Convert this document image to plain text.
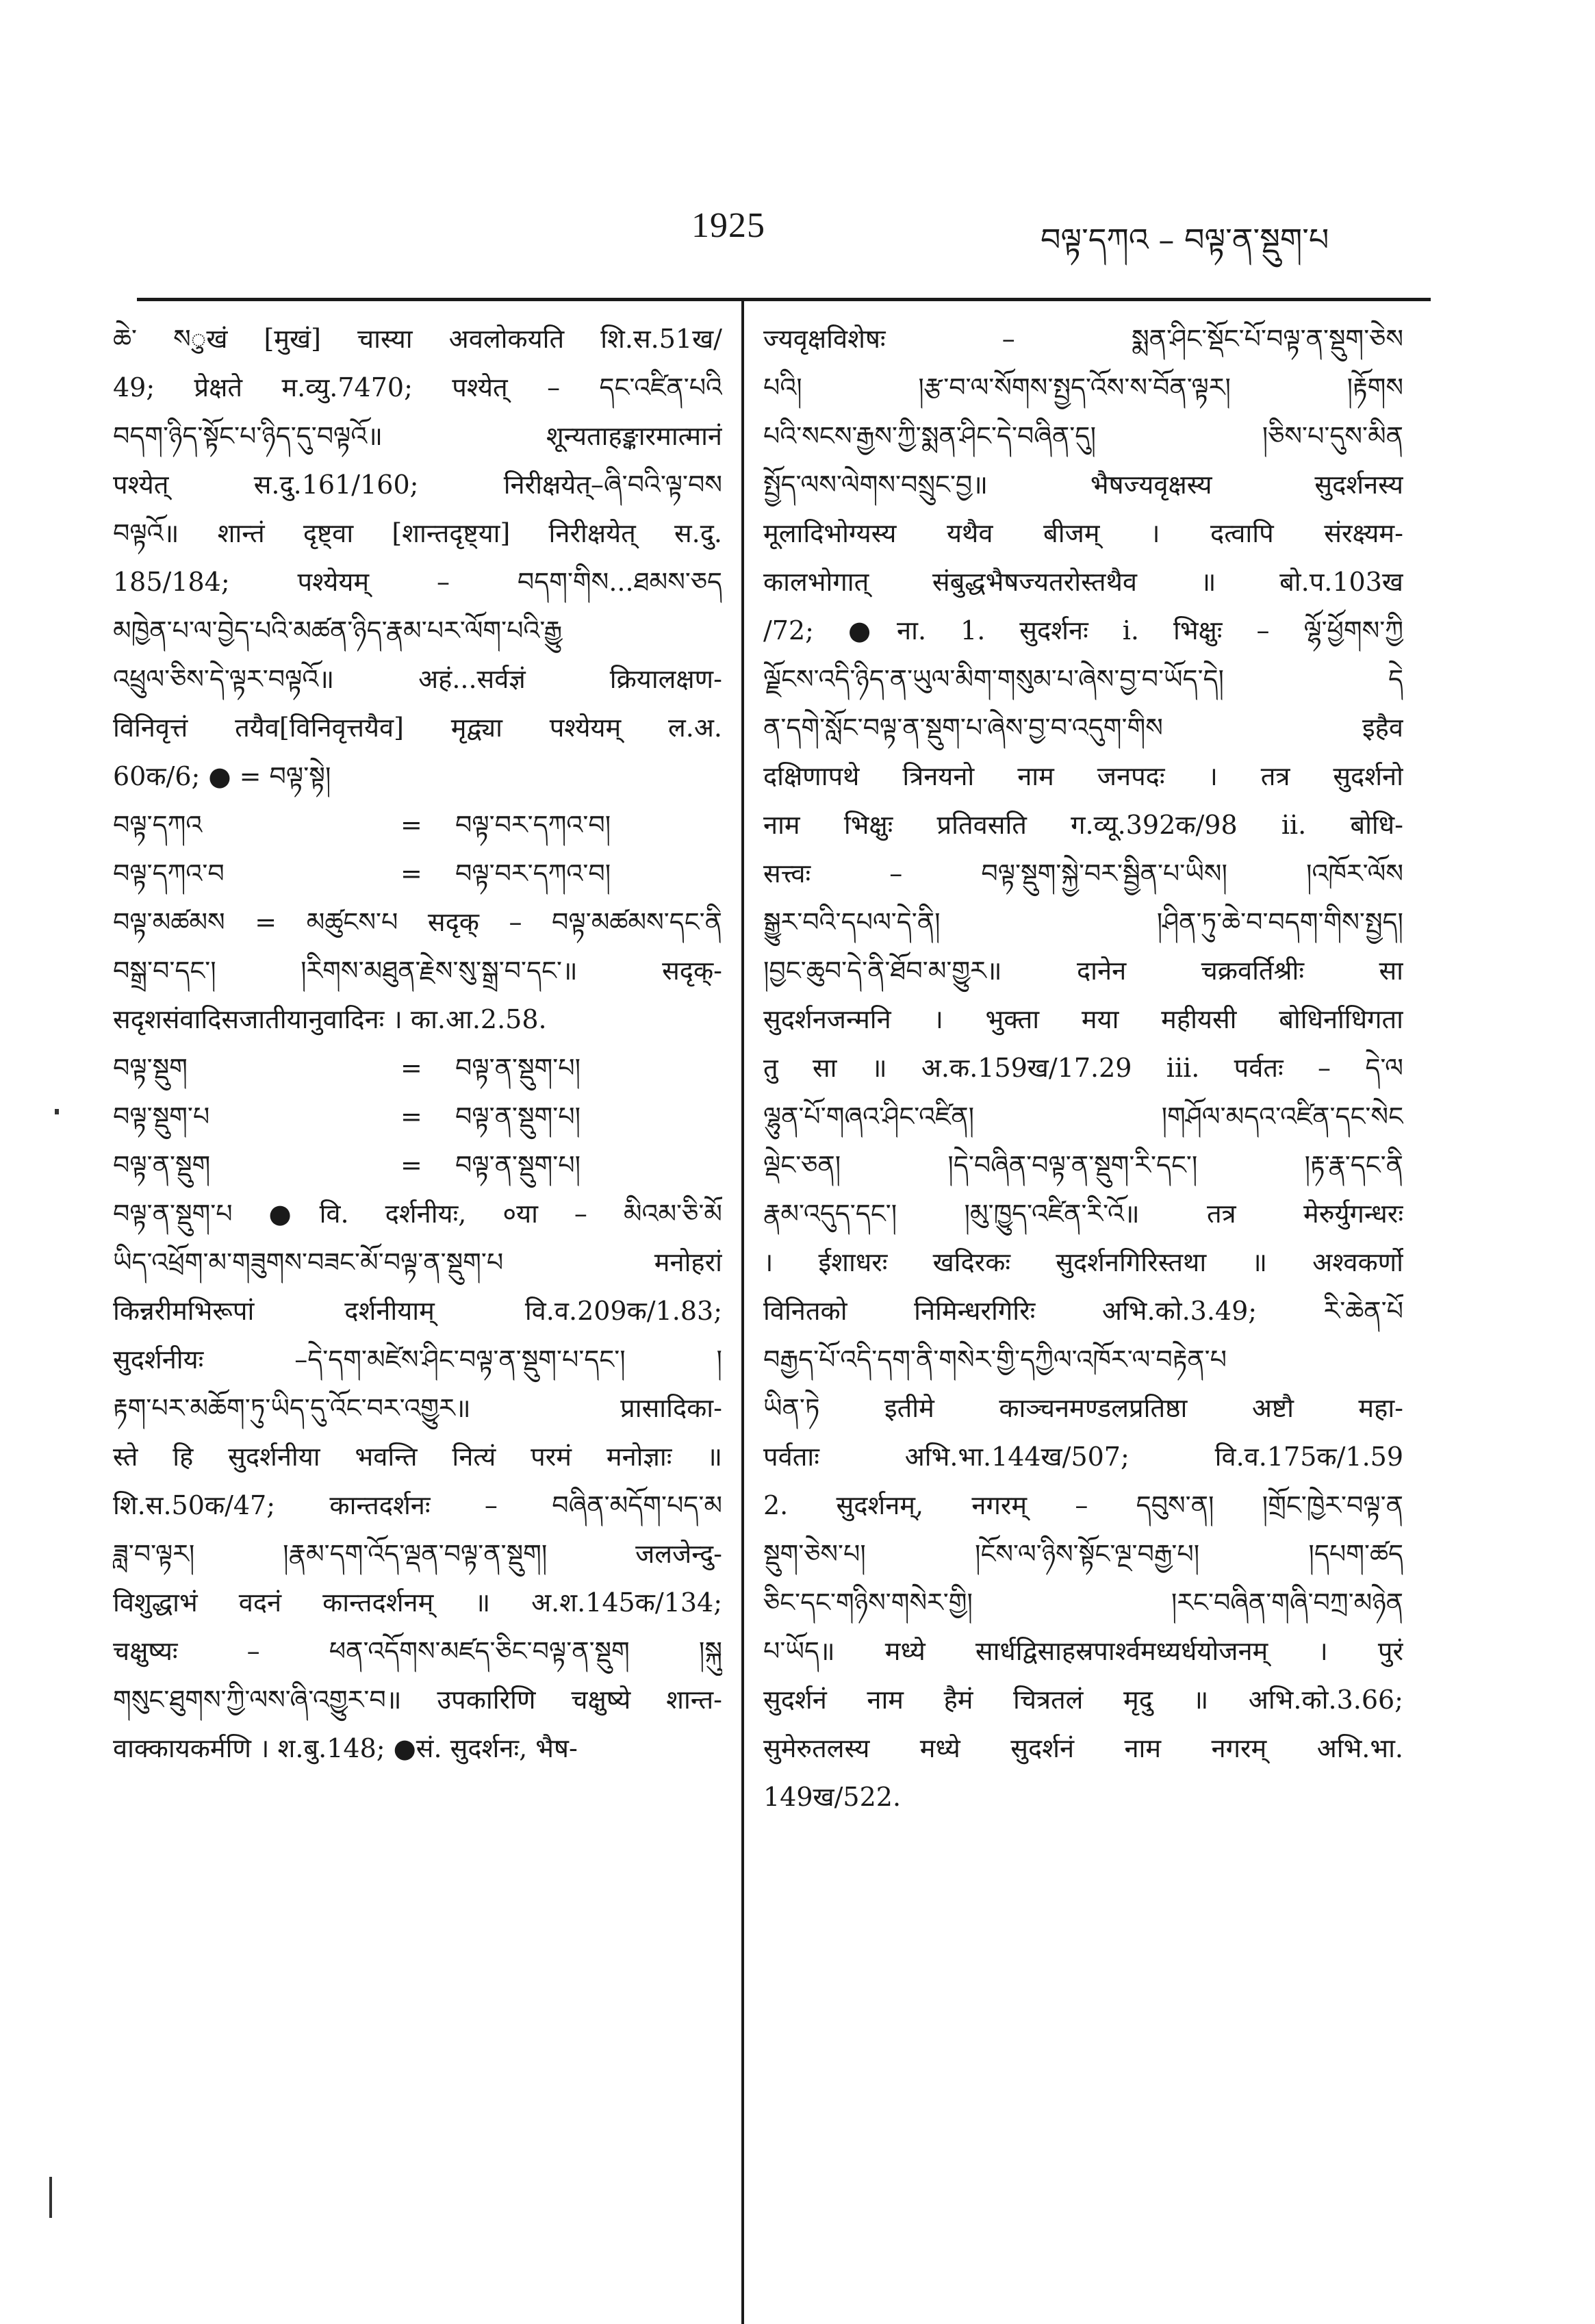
1925	བལྟ་དཀའ – བལྟ་ན་སྡུག་པ
ཆེ་ སुखं [मुखं] चास्या अवलोकयति शि.स.51ख/
49; प्रेक्षते म.व्यु.7470; पश्येत् – དང་འཛིན་པའི
བདག་ཉིད་སྟོང་པ་ཉིད་དུ་བལྟའོ॥ शून्यताहङ्कारमात्मानं
पश्येत् स.दु.161/160; निरीक्षयेत्–ཞི་བའི་ལྟ་བས
བལྟའོ॥ शान्तं दृष्ट्वा [शान्तदृष्ट्या] निरीक्षयेत् स.दु.
185/184; पश्येयम् – བདག་གིས...ཐམས་ཅད
མཁྱེན་པ་ལ་བྱེད་པའི་མཚན་ཉིད་རྣམ་པར་ལོག་པའི་རྒྱུ
འཕྲུལ་ཅིས་དེ་ལྟར་བལྟའོ॥ अहं...सर्वज्ञं क्रियालक्षण-
विनिवृत्तं तयैव[विनिवृत्तयैव] मृद्व्या पश्येयम् ल.अ.
60क/6; ● = བལྟ་སྟེ།
བལྟ་དཀའ	=	བལྟ་བར་དཀའ་བ།
བལྟ་དཀའ་བ	=	བལྟ་བར་དཀའ་བ།
བལྟ་མཚམས = མཚུངས་པ सदृक् – བལྟ་མཚམས་དང་ནི
བསྒྲ་བ་དང་། །རིགས་མཐུན་རྗེས་སུ་སྒྲ་བ་དང་॥ सदृक्-
सदृशसंवादिसजातीयानुवादिनः । का.आ.2.58.
བལྟ་སྡུག	=	བལྟ་ན་སྡུག་པ།
བལྟ་སྡུག་པ	=	བལྟ་ན་སྡུག་པ།
བལྟ་ན་སྡུག	=	བལྟ་ན་སྡུག་པ།
བལྟ་ན་སྡུག་པ ●वि. दर्शनीयः, ०या – མིའམ་ཅི་མོ
ཡིད་འཕྲོག་མ་གཟུགས་བཟང་མོ་བལྟ་ན་སྡུག་པ मनोहरां
किन्नरीमभिरूपां दर्शनीयाम् वि.व.209क/1.83;
सुदर्शनीयः –དེ་དག་མཛེས་ཤིང་བལྟ་ན་སྡུག་པ་དང་། །
རྟག་པར་མཆོག་ཏུ་ཡིད་དུ་འོང་བར་འགྱུར॥ प्रासादिका-
स्ते हि सुदर्शनीया भवन्ति नित्यं परमं मनोज्ञाः ॥
शि.स.50क/47; कान्तदर्शनः – བཞིན་མདོག་པད་མ
ཟླ་བ་ལྟར། །རྣམ་དག་འོད་ལྡན་བལྟ་ན་སྡུག། जलजेन्दु-
विशुद्धाभं वदनं कान्तदर्शनम् ॥ अ.श.145क/134;
चक्षुष्यः – ཕན་འདོགས་མཛད་ཅིང་བལྟ་ན་སྡུག །སྐུ
གསུང་ཐུགས་ཀྱི་ལས་ཞི་འགྱུར་བ॥ उपकारिणि चक्षुष्ये शान्त-
वाक्कायकर्मणि । श.बु.148; ●सं. सुदर्शनः, भैष-
ज्यवृक्षविशेषः – སྨན་ཤིང་སྡོང་པོ་བལྟ་ན་སྡུག་ཅེས
པའི། །རྩ་བ་ལ་སོགས་སྤྱད་འོས་ས་བོན་ལྟར། །རྟོགས
པའི་སངས་རྒྱས་ཀྱི་སྨན་ཤིང་དེ་བཞིན་དུ། །ཅིས་པ་དུས་མིན
སྤྱོད་ལས་ལེགས་བསྲུང་བྱ॥ भैषज्यवृक्षस्य सुदर्शनस्य
मूलादिभोग्यस्य यथैव बीजम् । दत्वापि संरक्ष्यम-
कालभोगात् संबुद्धभैषज्यतरोस्तथैव ॥ बो.प.103ख
/72; ●ना. 1. सुदर्शनः i. भिक्षुः – ལྷོ་ཕྱོགས་ཀྱི
ལྗོངས་འདི་ཉིད་ན་ཡུལ་མིག་གསུམ་པ་ཞེས་བྱ་བ་ཡོད་དེ། དེ
ན་དགེ་སློང་བལྟ་ན་སྡུག་པ་ཞེས་བྱ་བ་འདུག་གིས इहैव
दक्षिणापथे त्रिनयनो नाम जनपदः । तत्र सुदर्शनो
नाम भिक्षुः प्रतिवसति ग.व्यू.392क/98 ii. बोधि-
सत्त्वः – བལྟ་སྡུག་སྐྱེ་བར་སྦྱིན་པ་ཡིས། །འཁོར་ལོས
སྒྱུར་བའི་དཔལ་དེ་ནི། །ཤིན་ཏུ་ཆེ་བ་བདག་གིས་སྤྱད།
།བྱང་ཆུབ་དེ་ནི་ཐོབ་མ་གྱུར॥ दानेन चक्रवर्तिश्रीः सा
सुदर्शनजन्मनि । भुक्ता मया महीयसी बोधिर्नाधिगता
तु सा ॥ अ.क.159ख/17.29 iii. पर्वतः – དེ་ལ
ལྷུན་པོ་གཞའ་ཤིང་འཛིན། །གཤོལ་མདའ་འཛིན་དང་སེང
ལྡེང་ཅན། །དེ་བཞིན་བལྟ་ན་སྡུག་རི་དང་། །རྟ་རྣ་དང་ནི
རྣམ་འདུད་དང་། །མུ་ཁྱུད་འཛིན་རི་འོ॥ तत्र मेरुर्युगन्धरः
। ईशाधरः खदिरकः सुदर्शनगिरिस्तथा ॥ अश्वकर्णो
विनितको निमिन्धरगिरिः अभि.को.3.49; རི་ཆེན་པོ
བརྒྱད་པོ་འདི་དག་ནི་གསེར་གྱི་དཀྱིལ་འཁོར་ལ་བརྟེན་པ
ཡིན་ཏེ इतीमे काञ्चनमण्डलप्रतिष्ठा अष्टौ महा-
पर्वताः अभि.भा.144ख/507; वि.व.175क/1.59
2. सुदर्शनम्, नगरम् – དབུས་ན། །གྲོང་ཁྱེར་བལྟ་ན
སྡུག་ཅེས་པ། །ངོས་ལ་ཉིས་སྟོང་ལྔ་བརྒྱ་པ། །དཔག་ཚད
ཅིང་དང་གཉིས་གསེར་གྱི། །རང་བཞིན་གཞི་བཀྲ་མཉེན
པ་ཡོད॥ मध्ये सार्धद्विसाहस्रपार्श्वमध्यर्धयोजनम् । पुरं
सुदर्शनं नाम हैमं चित्रतलं मृदु ॥ अभि.को.3.66;
सुमेरुतलस्य मध्ये सुदर्शनं नाम नगरम् अभि.भा.
149ख/522.
